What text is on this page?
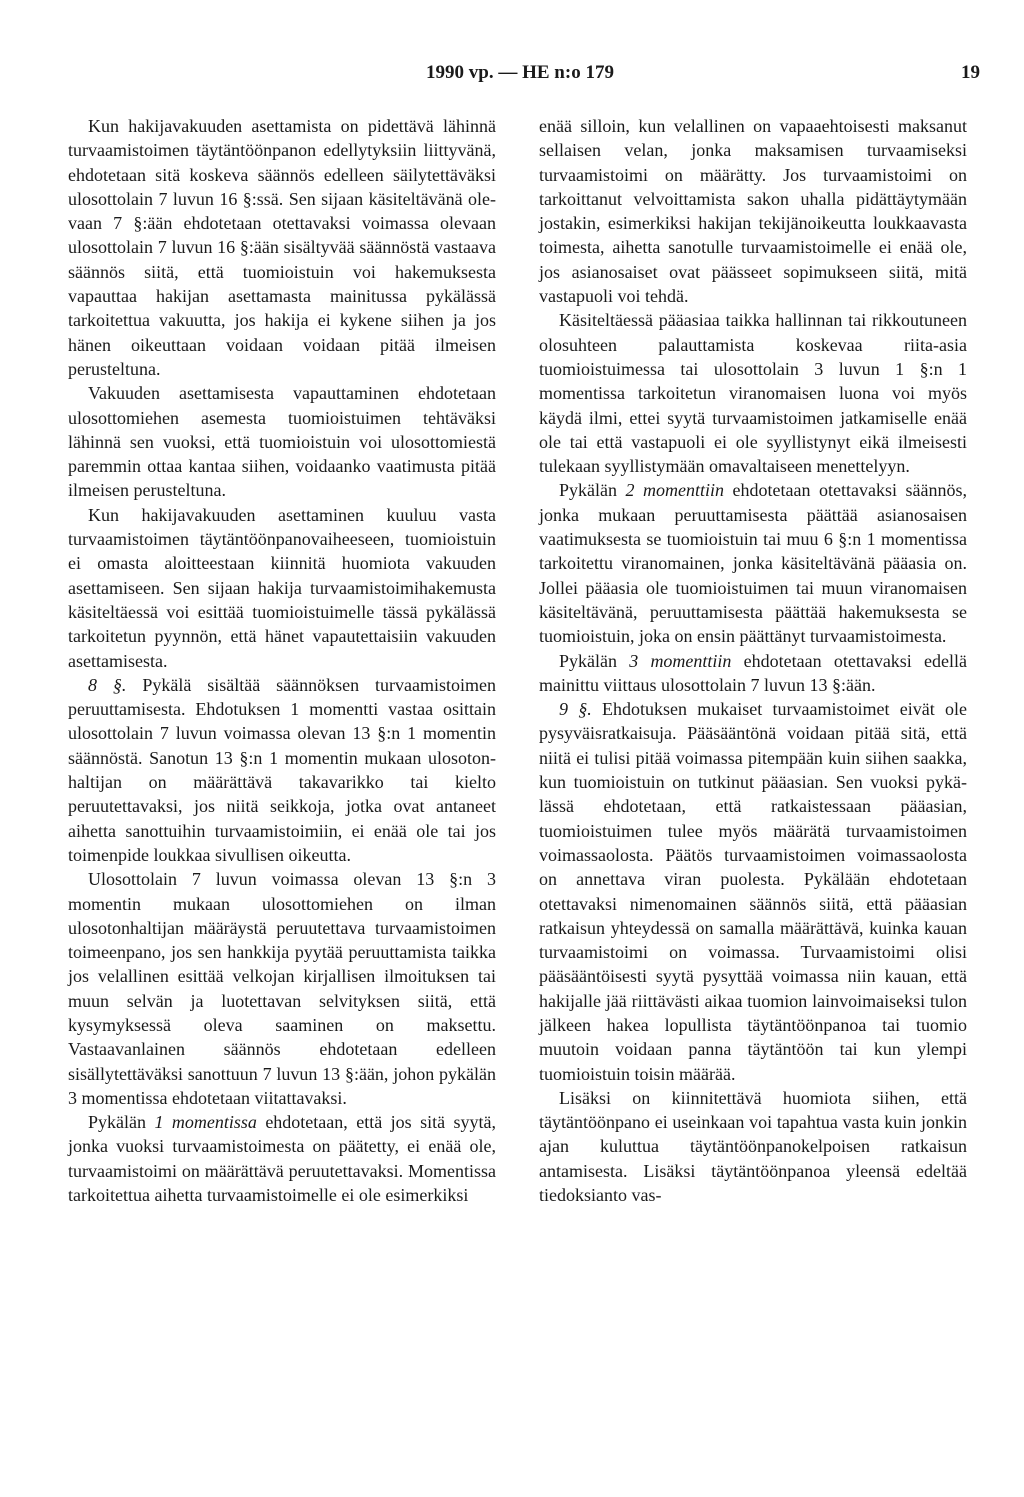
1990 vp. — HE n:o 179	19

Kun hakijavakuuden asettamista on pidettävä lähinnä turvaamistoimen täytäntöönpanon edellytyksiin liittyvänä, ehdotetaan sitä koskeva säännös edelleen säilytettäväksi ulosottolain 7 luvun 16 §:ssä. Sen sijaan käsiteltävänä olevaan 7 §:ään ehdotetaan otettavaksi voimassa olevaan ulosottolain 7 luvun 16 §:ään sisältyvää säännöstä vastaava säännös siitä, että tuomioistuin voi hakemuksesta vapauttaa hakijan asettamasta mainitussa pykälässä tarkoitettua vakuutta, jos hakija ei kykene siihen ja jos hänen oikeuttaan voidaan voidaan pitää ilmeisen perusteltuna.

Vakuuden asettamisesta vapauttaminen ehdotetaan ulosottomiehen asemesta tuomioistuimen tehtäväksi lähinnä sen vuoksi, että tuomioistuin voi ulosottomiestä paremmin ottaa kantaa siihen, voidaanko vaatimusta pitää ilmeisen perusteltuna.

Kun hakijavakuuden asettaminen kuuluu vasta turvaamistoimen täytäntöönpanovaiheeseen, tuomioistuin ei omasta aloitteestaan kiinnitä huomiota vakuuden asettamiseen. Sen sijaan hakija turvaamistoimihakemusta käsiteltäessä voi esittää tuomioistuimelle tässä pykälässä tarkoitetun pyynnön, että hänet vapautettaisiin vakuuden asettamisesta.

8 §. Pykälä sisältää säännöksen turvaamistoimen peruuttamisesta. Ehdotuksen 1 momentti vastaa osittain ulosottolain 7 luvun voimassa olevan 13 §:n 1 momentin säännöstä. Sanotun 13 §:n 1 momentin mukaan ulosotonhaltijan on määrättävä takavarikko tai kielto peruutettavaksi, jos niitä seikkoja, jotka ovat antaneet aihetta sanottuihin turvaamistoimiin, ei enää ole tai jos toimenpide loukkaa sivullisen oikeutta.

Ulosottolain 7 luvun voimassa olevan 13 §:n 3 momentin mukaan ulosottomiehen on ilman ulosotonhaltijan määräystä peruutettava turvaamistoimen toimeenpano, jos sen hankkija pyytää peruuttamista taikka jos velallinen esittää velkojan kirjallisen ilmoituksen tai muun selvän ja luotettavan selvityksen siitä, että kysymyksessä oleva saaminen on maksettu. Vastaavanlainen säännös ehdotetaan edelleen sisällytettäväksi sanottuun 7 luvun 13 §:ään, johon pykälän 3 momentissa ehdotetaan viitattavaksi.

Pykälän 1 momentissa ehdotetaan, että jos sitä syytä, jonka vuoksi turvaamistoimesta on päätetty, ei enää ole, turvaamistoimi on määrättävä peruutettavaksi. Momentissa tarkoitettua aihetta turvaamistoimelle ei ole esimerkiksi

enää silloin, kun velallinen on vapaaehtoisesti maksanut sellaisen velan, jonka maksamisen turvaamiseksi turvaamistoimi on määrätty. Jos turvaamistoimi on tarkoittanut velvoittamista sakon uhalla pidättäytymään jostakin, esimerkiksi hakijan tekijänoikeutta loukkaavasta toimesta, aihetta sanotulle turvaamistoimelle ei enää ole, jos asianosaiset ovat päässeet sopimukseen siitä, mitä vastapuoli voi tehdä.

Käsiteltäessä pääasiaa taikka hallinnan tai rikkoutuneen olosuhteen palauttamista koskevaa riita-asia tuomioistuimessa tai ulosottolain 3 luvun 1 §:n 1 momentissa tarkoitetun viranomaisen luona voi myös käydä ilmi, ettei syytä turvaamistoimen jatkamiselle enää ole tai että vastapuoli ei ole syyllistynyt eikä ilmeisesti tulekaan syyllistymään omavaltaiseen menettelyyn.

Pykälän 2 momenttiin ehdotetaan otettavaksi säännös, jonka mukaan peruuttamisesta päättää asianosaisen vaatimuksesta se tuomioistuin tai muu 6 §:n 1 momentissa tarkoitettu viranomainen, jonka käsiteltävänä pääasia on. Jollei pääasia ole tuomioistuimen tai muun viranomaisen käsiteltävänä, peruuttamisesta päättää hakemuksesta se tuomioistuin, joka on ensin päättänyt turvaamistoimesta.

Pykälän 3 momenttiin ehdotetaan otettavaksi edellä mainittu viittaus ulosottolain 7 luvun 13 §:ään.

9 §. Ehdotuksen mukaiset turvaamistoimet eivät ole pysyväisratkaisuja. Pääsääntönä voidaan pitää sitä, että niitä ei tulisi pitää voimassa pitempään kuin siihen saakka, kun tuomioistuin on tutkinut pääasian. Sen vuoksi pykälässä ehdotetaan, että ratkaistessaan pääasian, tuomioistuimen tulee myös määrätä turvaamistoimen voimassaolosta. Päätös turvaamistoimen voimassaolosta on annettava viran puolesta. Pykälään ehdotetaan otettavaksi nimenomainen säännös siitä, että pääasian ratkaisun yhteydessä on samalla määrättävä, kuinka kauan turvaamistoimi on voimassa. Turvaamistoimi olisi pääsääntöisesti syytä pysyttää voimassa niin kauan, että hakijalle jää riittävästi aikaa tuomion lainvoimaiseksi tulon jälkeen hakea lopullista täytäntöönpanoa tai tuomio muutoin voidaan panna täytäntöön tai kun ylempi tuomioistuin toisin määrää.

Lisäksi on kiinnitettävä huomiota siihen, että täytäntöönpano ei useinkaan voi tapahtua vasta kuin jonkin ajan kuluttua täytäntöönpanokelpoisen ratkaisun antamisesta. Lisäksi täytäntöönpanoa yleensä edeltää tiedoksianto vas-
